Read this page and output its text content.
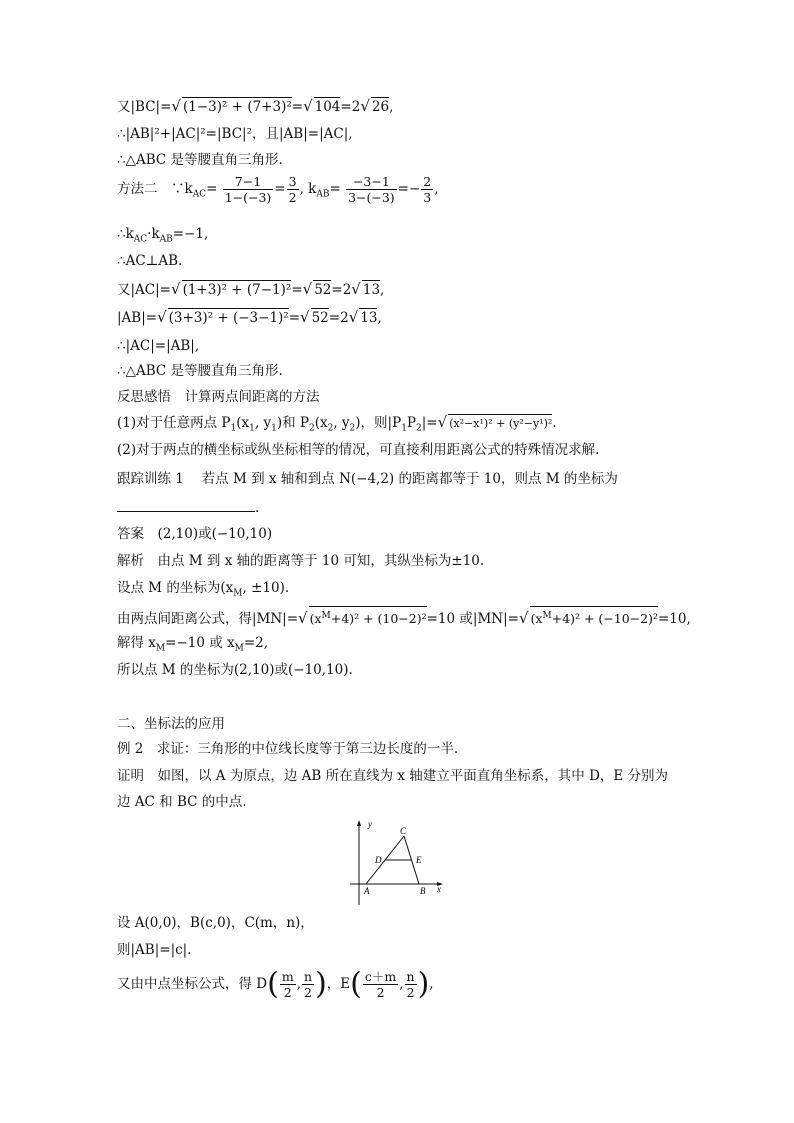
又|BC|=√ (1−3)² + (7+3)²=√ 104=2√ 26,
∴|AB|²+|AC|²=|BC|²，且|AB|=|AC|,
∴△ABC 是等腰直角三角形.
方法二　$\because k_{AC}= \frac{7-1}{1-(-3)} = \frac{3}{2}$ , $k_{AB}= \frac{-3-1}{3-(-3)} =- \frac{2}{3}$ ,
$\therefore k_{AC}\cdot k_{AB}=-1$,
∴AC⊥AB.
又|AC|=√ (1+3)² + (7−1)²=√ 52=2√ 13,
|AB|=√ (3+3)² + (−3−1)²=√ 52=2√ 13,
∴|AC|=|AB|,
∴△ABC 是等腰直角三角形.
反思感悟　计算两点间距离的方法
(1)对于任意两点 $P_1(x_1$, $y_1$)和 $P_2(x_2$, $y_2$)，则$|P_1P_2|=√$ (x²−x¹)² + (y²−y¹)².
(2)对于两点的横坐标或纵坐标相等的情况，可直接利用距离公式的特殊情况求解.
跟踪训练 1　 若点 M 到 x 轴和到点 N(−4,2) 的距离都等于 10，则点 M 的坐标为
.
答案　(2,10)或(−10,10)
解析　由点 M 到 x 轴的距离等于 10 可知，其纵坐标为±10.
设点 M 的坐标为($x_M$, ±10).
由两点间距离公式，得|MN|=√ $(x^M+4)^2 + (10-2)^2=10$ 或|MN|=√ $(x^M+4)^2 + (-10-2)^2=10$,
解得 $x_M=-10$ 或 $x_M=2$,
所以点 M 的坐标为(2,10)或(−10,10).
二、坐标法的应用
例 2　求证：三角形的中位线长度等于第三边长度的一半.
证明　如图，以 A 为原点，边 AB 所在直线为 x 轴建立平面直角坐标系，其中 D，E 分别为
边 AC 和 BC 的中点.
y
x
A	B
C
D	E
设 A(0,0)，B(c,0)，C(m，n)，
则|AB|=|c|.
又由中点坐标公式，得 $D( \frac{m}{2}$ , $\frac{n}{2}$ )，$E( \frac{c+m}{2}$ , $\frac{n}{2}$ ),
